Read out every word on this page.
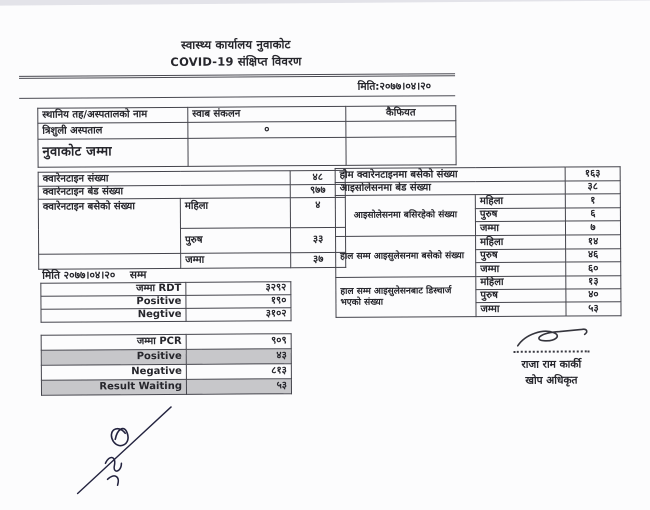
स्वास्थ्य कार्यालय नुवाकोट
COVID-19 संक्षिप्त विवरण
मिति:२०७७।०४।२०
स्थानिय तह/अस्पतालको नाम	स्वाब संकलन	कैफियत
त्रिशुली अस्पताल	०	
नुवाकोट जम्मा		
क्वारेनटाइन संख्या		४८
क्वारेनटाइन बेड संख्या		९७७
क्वारेनटाइन बसेको संख्या	महिला	४
	पुरुष	३३
	जम्मा	३७
होम क्वारेनटाइनमा बसेको संख्या		१६३
आइसोलेसनमा बेड संख्या		३८
आइसोलेसनमा बसिरहेको संख्या	महिला	१
	पुरुष	६
	जम्मा	७
हाल सम्म आइसुलेसनमा बसेको संख्या	महिला	१४
	पुरुष	४६
	जम्मा	६०
हाल सम्म आइसुलेसनबाट डिस्चार्ज भएको संख्या	महिला	१३
	पुरुष	४०
	जम्मा	५३
मिति २०७७।०४।२०    सम्म
जम्मा RDT	३२९२
Positive	१९०
Negtive	३१०२
जम्मा PCR	९०९
Positive	४३
Negative	८१३
Result Waiting	५३
राजा राम कार्की
खोप अधिकृत
